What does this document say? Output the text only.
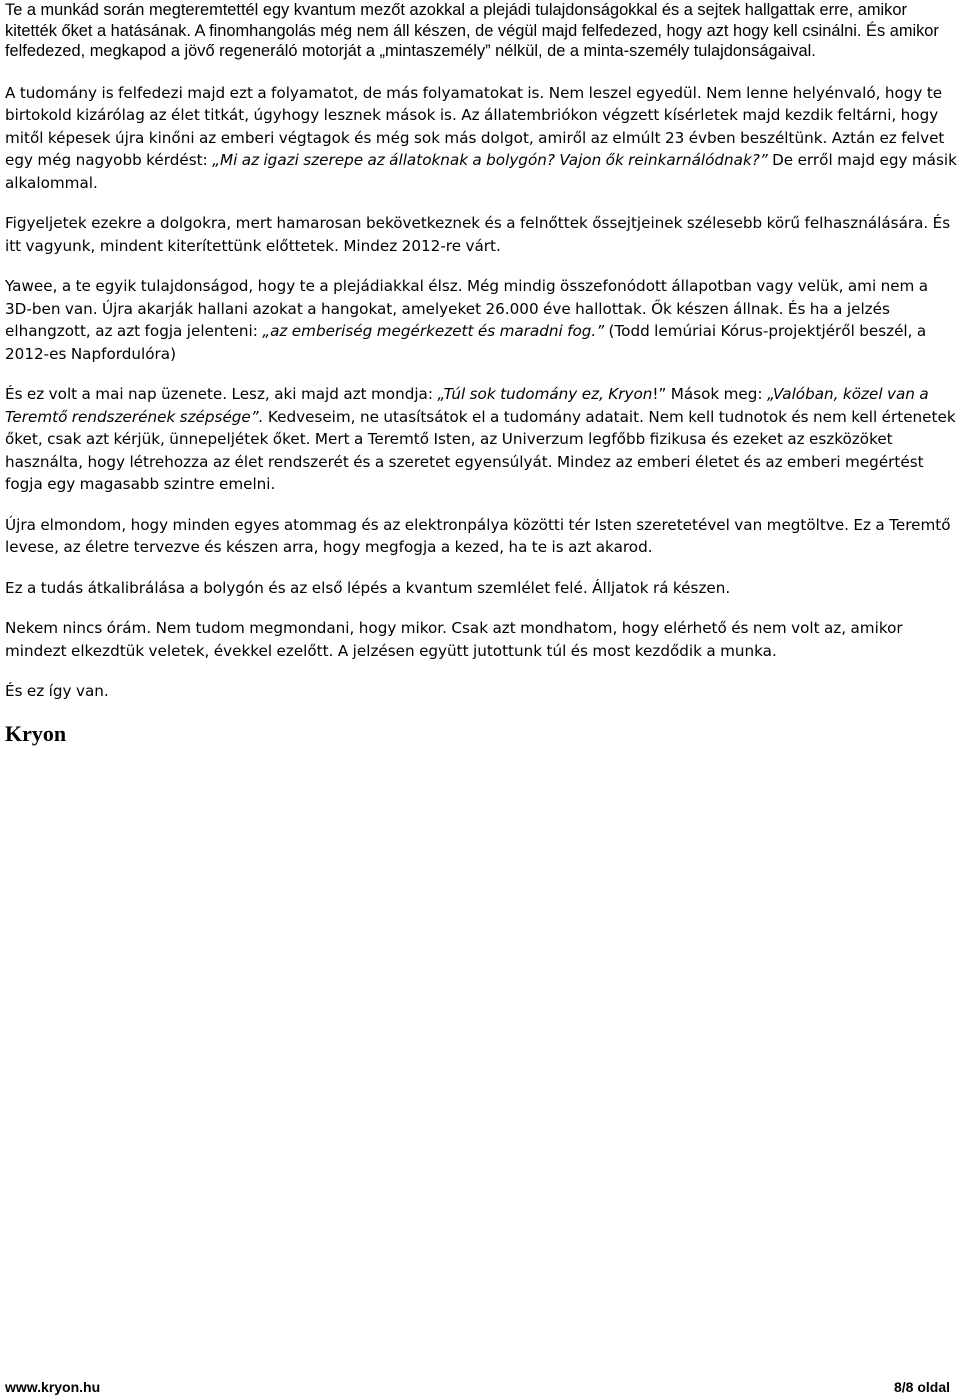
Te a munkád során megteremtettél egy kvantum mezőt azokkal a plejádi tulajdonságokkal és a sejtek hallgattak erre, amikor kitették őket a hatásának. A finomhangolás még nem áll készen, de végül majd felfedezed, hogy azt hogy kell csinálni. És amikor felfedezed, megkapod a jövő regeneráló motorját a „mintaszemély” nélkül, de a minta-személy tulajdonságaival.

A tudomány is felfedezi majd ezt a folyamatot, de más folyamatokat is. Nem leszel egyedül. Nem lenne helyénvaló, hogy te birtokold kizárólag az élet titkát, úgyhogy lesznek mások is. Az állatembriókon végzett kísérletek majd kezdik feltárni, hogy mitől képesek újra kinőni az emberi végtagok és még sok más dolgot, amiről az elmúlt 23 évben beszéltünk. Aztán ez felvet egy még nagyobb kérdést: „Mi az igazi szerepe az állatoknak a bolygón? Vajon ők reinkarnálódnak?” De erről majd egy másik alkalommal.

Figyeljetek ezekre a dolgokra, mert hamarosan bekövetkeznek és a felnőttek őssejtjeinek szélesebb körű felhasználására. És itt vagyunk, mindent kiterítettünk előttetek. Mindez 2012-re várt.

Yawee, a te egyik tulajdonságod, hogy te a plejádiakkal élsz. Még mindig összefonódott állapotban vagy velük, ami nem a 3D-ben van. Újra akarják hallani azokat a hangokat, amelyeket 26.000 éve hallottak. Ők készen állnak. És ha a jelzés elhangzott, az azt fogja jelenteni: „az emberiség megérkezett és maradni fog.” (Todd lemúriai Kórus-projektjéről beszél, a 2012-es Napfordulóra)

És ez volt a mai nap üzenete. Lesz, aki majd azt mondja: „Túl sok tudomány ez, Kryon!” Mások meg: „Valóban, közel van a Teremtő rendszerének szépsége”. Kedveseim, ne utasítsátok el a tudomány adatait. Nem kell tudnotok és nem kell értenetek őket, csak azt kérjük, ünnepeljétek őket. Mert a Teremtő Isten, az Univerzum legfőbb fizikusa és ezeket az eszközöket használta, hogy létrehozza az élet rendszerét és a szeretet egyensúlyát. Mindez az emberi életet és az emberi megértést fogja egy magasabb szintre emelni.

Újra elmondom, hogy minden egyes atommag és az elektronpálya közötti tér Isten szeretetével van megtöltve. Ez a Teremtő levese, az életre tervezve és készen arra, hogy megfogja a kezed, ha te is azt akarod.

Ez a tudás átkalibrálása a bolygón és az első lépés a kvantum szemlélet felé. Álljatok rá készen.

Nekem nincs órám. Nem tudom megmondani, hogy mikor. Csak azt mondhatom, hogy elérhető és nem volt az, amikor mindezt elkezdtük veletek, évekkel ezelőtt. A jelzésen együtt jutottunk túl és most kezdődik a munka.

És ez így van.

Kryon
www.kryon.hu	8/8 oldal
